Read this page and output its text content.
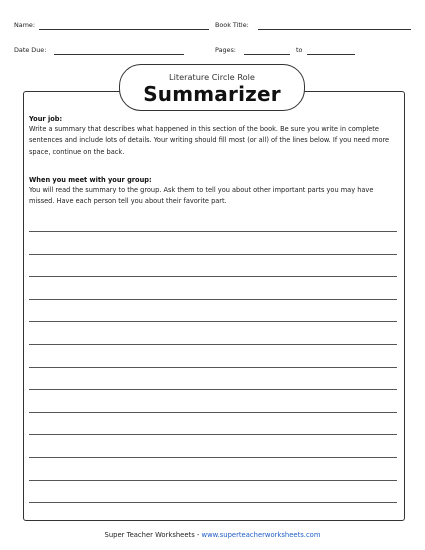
Name:	Book Title:
Date Due:	Pages:	to
Literature Circle Role
Summarizer
Your job:
Write a summary that describes what happened in this section of the book. Be sure you write in complete sentences and include lots of details. Your writing should fill most (or all) of the lines below. If you need more space, continue on the back.
When you meet with your group:
You will read the summary to the group. Ask them to tell you about other important parts you may have missed. Have each person tell you about their favorite part.
Super Teacher Worksheets - www.superteacherworksheets.com
